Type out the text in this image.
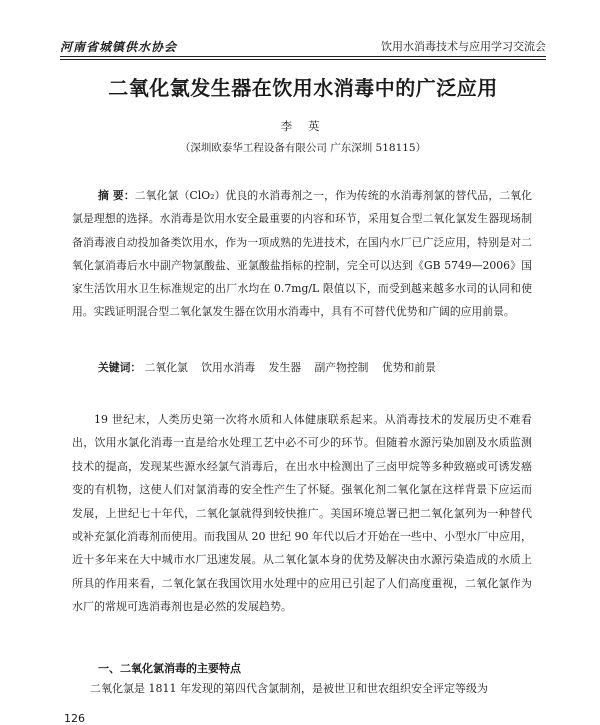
河南省城镇供水协会	饮用水消毒技术与应用学习交流会
二氧化氯发生器在饮用水消毒中的广泛应用
李 英
（深圳欧泰华工程设备有限公司 广东深圳 518115）
摘 要：二氧化氯（ClO₂）优良的水消毒剂之一，作为传统的水消毒剂氯的替代品，二氧化氯是理想的选择。水消毒是饮用水安全最重要的内容和环节，采用复合型二氧化氯发生器现场制备消毒液自动投加备类饮用水，作为一项成熟的先进技术，在国内水厂已广泛应用，特别是对二氧化氯消毒后水中副产物氯酸盐、亚氯酸盐指标的控制，完全可以达到《GB 5749—2006》国家生活饮用水卫生标准规定的出厂水均在 0.7mg/L 限值以下，而受到越来越多水司的认同和使用。实践证明混合型二氧化氯发生器在饮用水消毒中，具有不可替代优势和广阔的应用前景。
关键词： 二氧化氯 饮用水消毒 发生器 副产物控制 优势和前景

19 世纪末，人类历史第一次将水质和人体健康联系起来。从消毒技术的发展历史不难看出，饮用水氯化消毒一直是给水处理工艺中必不可少的环节。但随着水源污染加剧及水质监测技术的提高，发现某些源水经氯气消毒后，在出水中检测出了三卤甲烷等多种致癌或可诱发癌变的有机物，这使人们对氯消毒的安全性产生了怀疑。强氧化剂二氧化氯在这样背景下应运而发展，上世纪七十年代，二氧化氯就得到较快推广。美国环境总署已把二氧化氯列为一种替代或补充氯化消毒剂而使用。而我国从 20 世纪 90 年代以后才开始在一些中、小型水厂中应用，近十多年来在大中城市水厂迅速发展。从二氧化氯本身的优势及解决由水源污染造成的水质上所具的作用来看，二氧化氯在我国饮用水处理中的应用已引起了人们高度重视，二氧化氯作为水厂的常规可选消毒剂也是必然的发展趋势。

一、二氧化氯消毒的主要特点
二氧化氯是 1811 年发现的第四代含氯制剂，是被世卫和世农组织安全评定等级为
126
